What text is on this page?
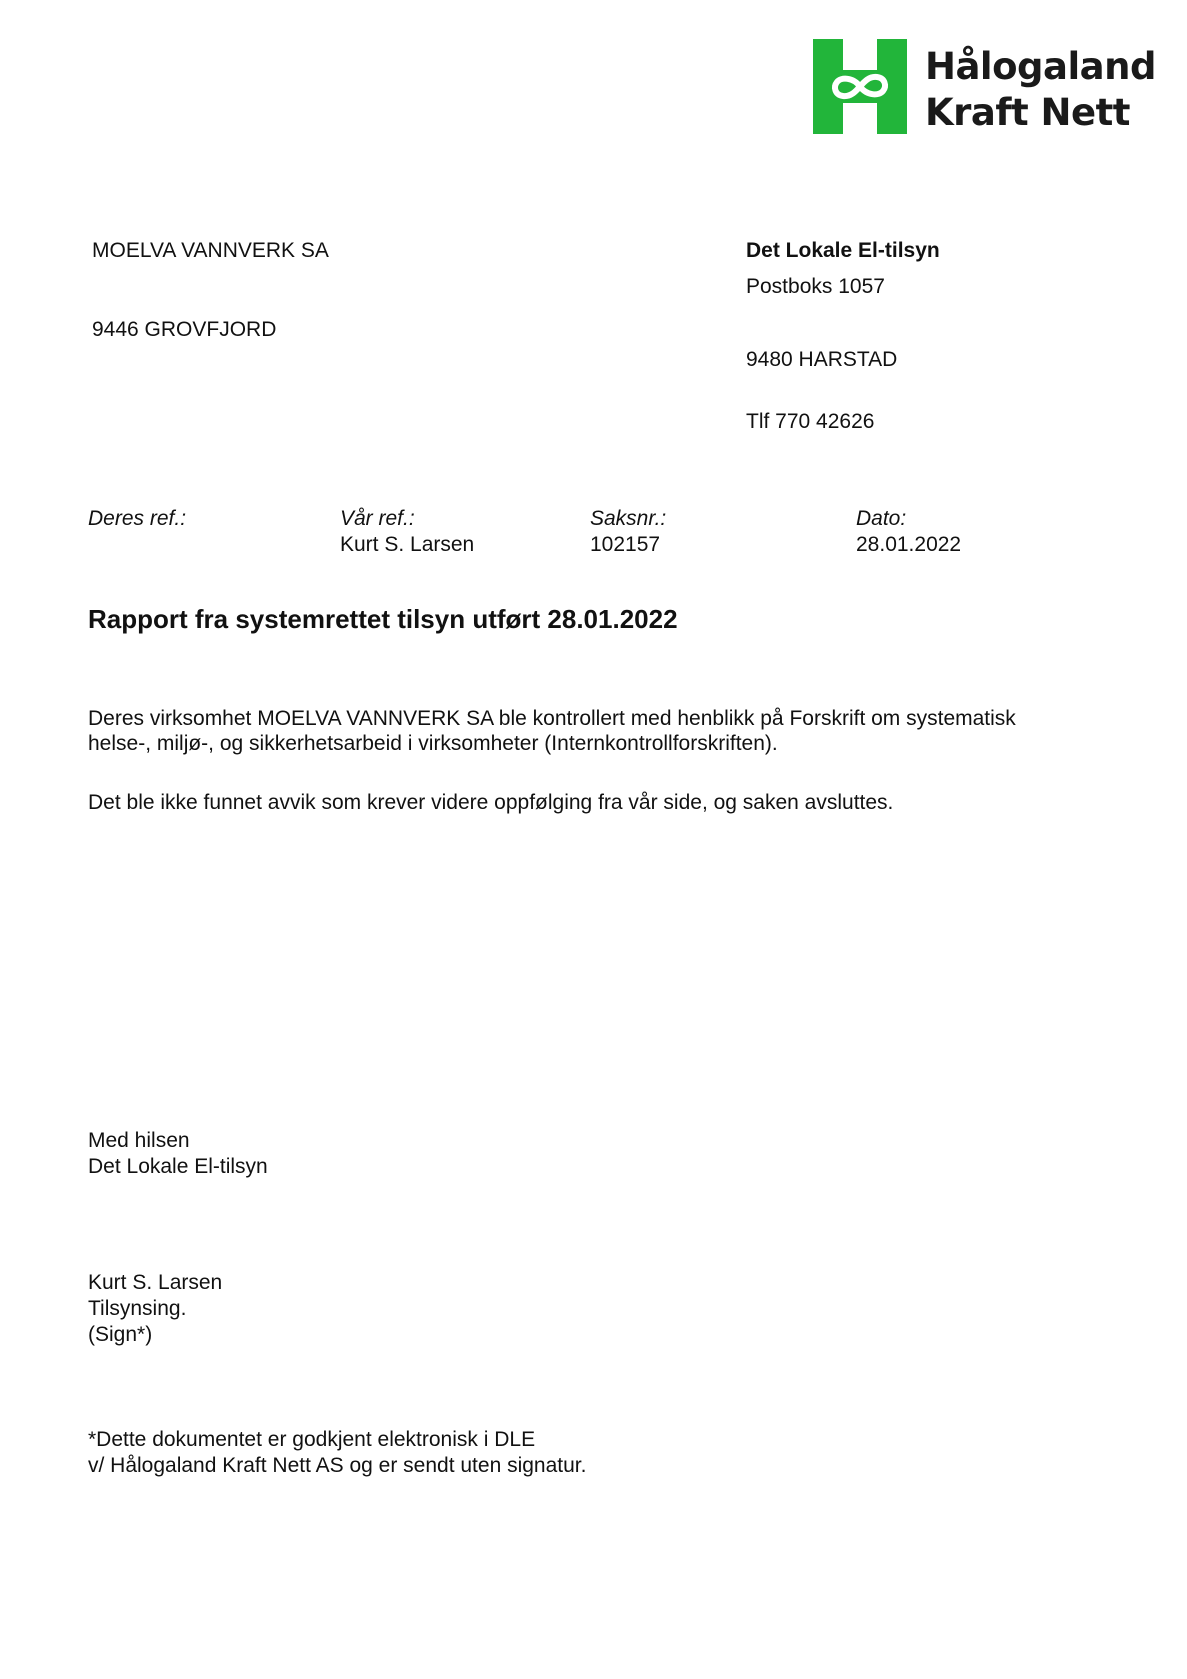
Hålogaland
Kraft Nett
MOELVA VANNVERK SA
9446 GROVFJORD
Det Lokale El-tilsyn
Postboks 1057
9480 HARSTAD
Tlf 770 42626
Deres ref.:	Vår ref.:
Kurt S. Larsen
Saksnr.:
102157
Dato:
28.01.2022
Rapport fra systemrettet tilsyn utført 28.01.2022
Deres virksomhet MOELVA VANNVERK SA ble kontrollert med henblikk på Forskrift om systematisk
helse-, miljø-, og sikkerhetsarbeid i virksomheter (Internkontrollforskriften).
Det ble ikke funnet avvik som krever videre oppfølging fra vår side, og saken avsluttes.
Med hilsen
Det Lokale El-tilsyn
Kurt S. Larsen
Tilsynsing.
(Sign*)
*Dette dokumentet er godkjent elektronisk i DLE
v/ Hålogaland Kraft Nett AS og er sendt uten signatur.
